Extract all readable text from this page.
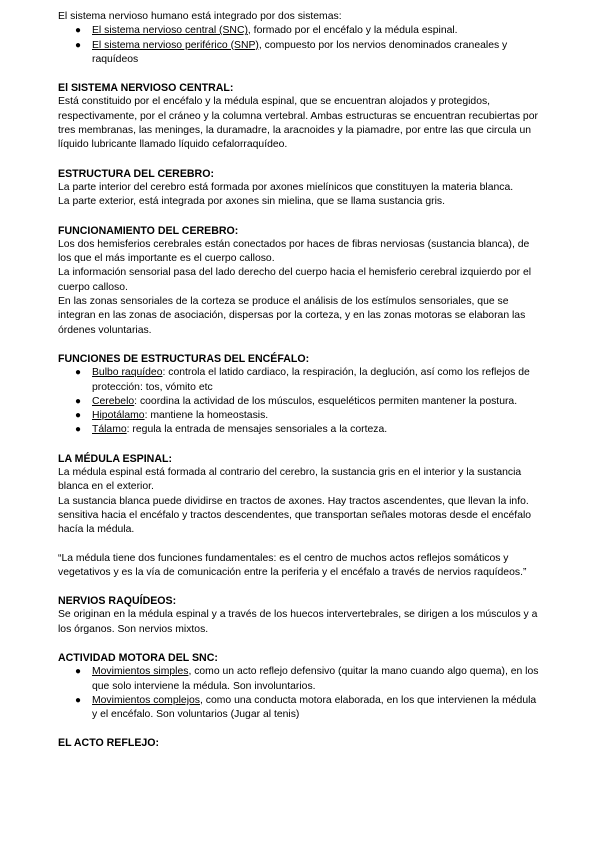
El sistema nervioso humano está integrado por dos sistemas:

● El sistema nervioso central (SNC), formado por el encéfalo y la médula espinal.
● El sistema nervioso periférico (SNP), compuesto por los nervios denominados craneales y raquídeos
El SISTEMA NERVIOSO CENTRAL:

Está constituido por el encéfalo y la médula espinal, que se encuentran alojados y protegidos, respectivamente, por el cráneo y la columna vertebral. Ambas estructuras se encuentran recubiertas por tres membranas, las meninges, la duramadre, la aracnoides y la piamadre, por entre las que circula un líquido lubricante llamado líquido cefalorraquídeo.

ESTRUCTURA DEL CEREBRO:

La parte interior del cerebro está formada por axones mielínicos que constituyen la materia blanca.

La parte exterior, está integrada por axones sin mielina, que se llama sustancia gris.

FUNCIONAMIENTO DEL CEREBRO:

Los dos hemisferios cerebrales están conectados por haces de fibras nerviosas (sustancia blanca), de los que el más importante es el cuerpo calloso.

La información sensorial pasa del lado derecho del cuerpo hacia el hemisferio cerebral izquierdo por el cuerpo calloso.

En las zonas sensoriales de la corteza se produce el análisis de los estímulos sensoriales, que se integran en las zonas de asociación, dispersas por la corteza, y en las zonas motoras se elaboran las órdenes voluntarias.

FUNCIONES DE ESTRUCTURAS DEL ENCÉFALO:
● Bulbo raquídeo: controla el latido cardiaco, la respiración, la deglución, así como los reflejos de protección: tos, vómito etc
● Cerebelo: coordina la actividad de los músculos, esqueléticos permiten mantener la postura.
● Hipotálamo: mantiene la homeostasis.
● Tálamo: regula la entrada de mensajes sensoriales a la corteza.
LA MÉDULA ESPINAL:

La médula espinal está formada al contrario del cerebro, la sustancia gris en el interior y la sustancia blanca en el exterior.

La sustancia blanca puede dividirse en tractos de axones. Hay tractos ascendentes, que llevan la info. sensitiva hacia el encéfalo y tractos descendentes, que transportan señales motoras desde el encéfalo hacía la médula.

“La médula tiene dos funciones fundamentales: es el centro de muchos actos reflejos somáticos y vegetativos y es la vía de comunicación entre la periferia y el encéfalo a través de nervios raquídeos.”

NERVIOS RAQUÍDEOS:

Se originan en la médula espinal y a través de los huecos intervertebrales, se dirigen a los músculos y a los órganos. Son nervios mixtos.

ACTIVIDAD MOTORA DEL SNC:
● Movimientos simples, como un acto reflejo defensivo (quitar la mano cuando algo quema), en los que solo interviene la médula. Son involuntarios.
● Movimientos complejos, como una conducta motora elaborada, en los que intervienen la médula y el encéfalo. Son voluntarios (Jugar al tenis)
EL ACTO REFLEJO:
